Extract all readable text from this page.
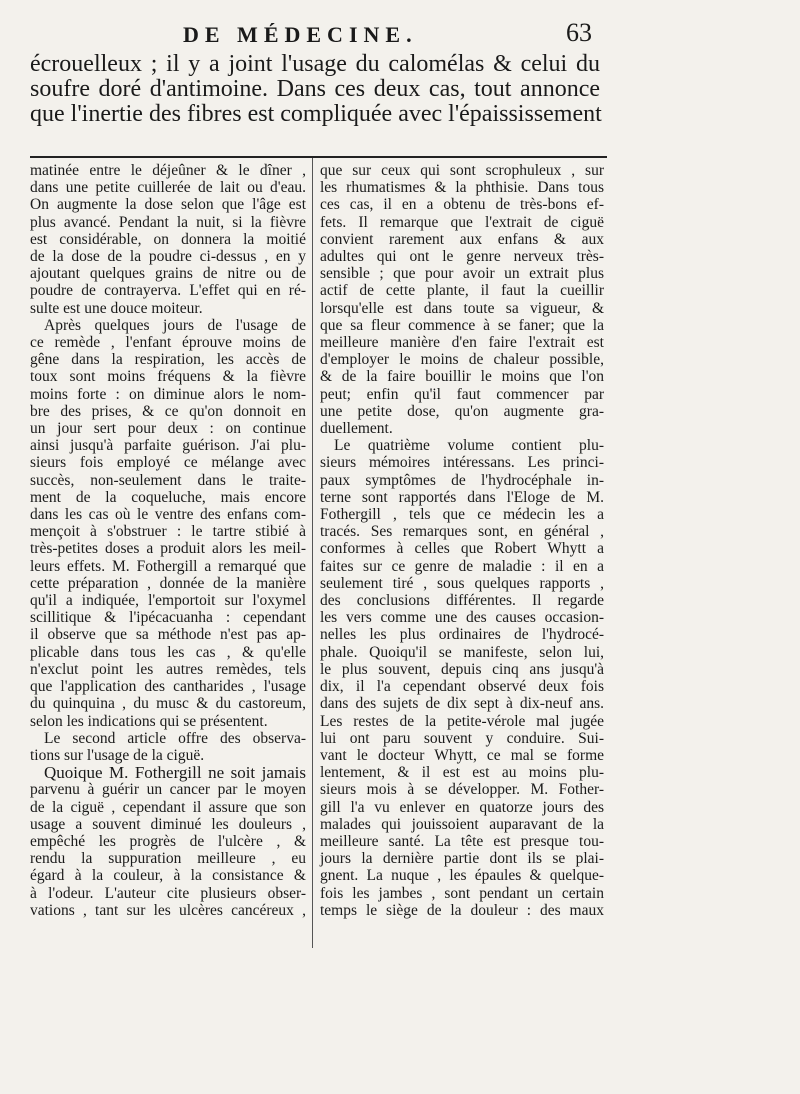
DE MÉDECINE.	63
écrouelleux ; il y a joint l'usage du calomélas & celui du
soufre doré d'antimoine. Dans ces deux cas, tout annonce
que l'inertie des fibres est compliquée avec l'épaississement
matinée entre le déjeûner & le dîner ,
dans une petite cuillerée de lait ou d'eau.
On augmente la dose selon que l'âge est
plus avancé. Pendant la nuit, si la fièvre
est considérable, on donnera la moitié
de la dose de la poudre ci-dessus , en y
ajoutant quelques grains de nitre ou de
poudre de contrayerva. L'effet qui en ré-
sulte est une douce moiteur.
Après quelques jours de l'usage de
ce remède , l'enfant éprouve moins de
gêne dans la respiration, les accès de
toux sont moins fréquens & la fièvre
moins forte : on diminue alors le nom-
bre des prises, & ce qu'on donnoit en
un jour sert pour deux : on continue
ainsi jusqu'à parfaite guérison. J'ai plu-
sieurs fois employé ce mélange avec
succès, non-seulement dans le traite-
ment de la coqueluche, mais encore
dans les cas où le ventre des enfans com-
mençoit à s'obstruer : le tartre stibié à
très-petites doses a produit alors les meil-
leurs effets. M. Fothergill a remarqué que
cette préparation , donnée de la manière
qu'il a indiquée, l'emportoit sur l'oxymel
scillitique & l'ipécacuanha : cependant
il observe que sa méthode n'est pas ap-
plicable dans tous les cas , & qu'elle
n'exclut point les autres remèdes, tels
que l'application des cantharides , l'usage
du quinquina , du musc & du castoreum,
selon les indications qui se présentent.
Le second article offre des observa-
tions sur l'usage de la ciguë.
Quoique M. Fothergill ne soit jamais
parvenu à guérir un cancer par le moyen
de la ciguë , cependant il assure que son
usage a souvent diminué les douleurs ,
empêché les progrès de l'ulcère , &
rendu la suppuration meilleure , eu
égard à la couleur, à la consistance &
à l'odeur. L'auteur cite plusieurs obser-
vations , tant sur les ulcères cancéreux ,
que sur ceux qui sont scrophuleux , sur
les rhumatismes & la phthisie. Dans tous
ces cas, il en a obtenu de très-bons ef-
fets. Il remarque que l'extrait de ciguë
convient rarement aux enfans & aux
adultes qui ont le genre nerveux très-
sensible ; que pour avoir un extrait plus
actif de cette plante, il faut la cueillir
lorsqu'elle est dans toute sa vigueur, &
que sa fleur commence à se faner; que la
meilleure manière d'en faire l'extrait est
d'employer le moins de chaleur possible,
& de la faire bouillir le moins que l'on
peut; enfin qu'il faut commencer par
une petite dose, qu'on augmente gra-
duellement.
Le quatrième volume contient plu-
sieurs mémoires intéressans. Les princi-
paux symptômes de l'hydrocéphale in-
terne sont rapportés dans l'Eloge de M.
Fothergill , tels que ce médecin les a
tracés. Ses remarques sont, en général ,
conformes à celles que Robert Whytt a
faites sur ce genre de maladie : il en a
seulement tiré , sous quelques rapports ,
des conclusions différentes. Il regarde
les vers comme une des causes occasion-
nelles les plus ordinaires de l'hydrocé-
phale. Quoiqu'il se manifeste, selon lui,
le plus souvent, depuis cinq ans jusqu'à
dix, il l'a cependant observé deux fois
dans des sujets de dix sept à dix-neuf ans.
Les restes de la petite-vérole mal jugée
lui ont paru souvent y conduire. Sui-
vant le docteur Whytt, ce mal se forme
lentement, & il est est au moins plu-
sieurs mois à se développer. M. Fother-
gill l'a vu enlever en quatorze jours des
malades qui jouissoient auparavant de la
meilleure santé. La tête est presque tou-
jours la dernière partie dont ils se plai-
gnent. La nuque , les épaules & quelque-
fois les jambes , sont pendant un certain
temps le siège de la douleur : des maux
